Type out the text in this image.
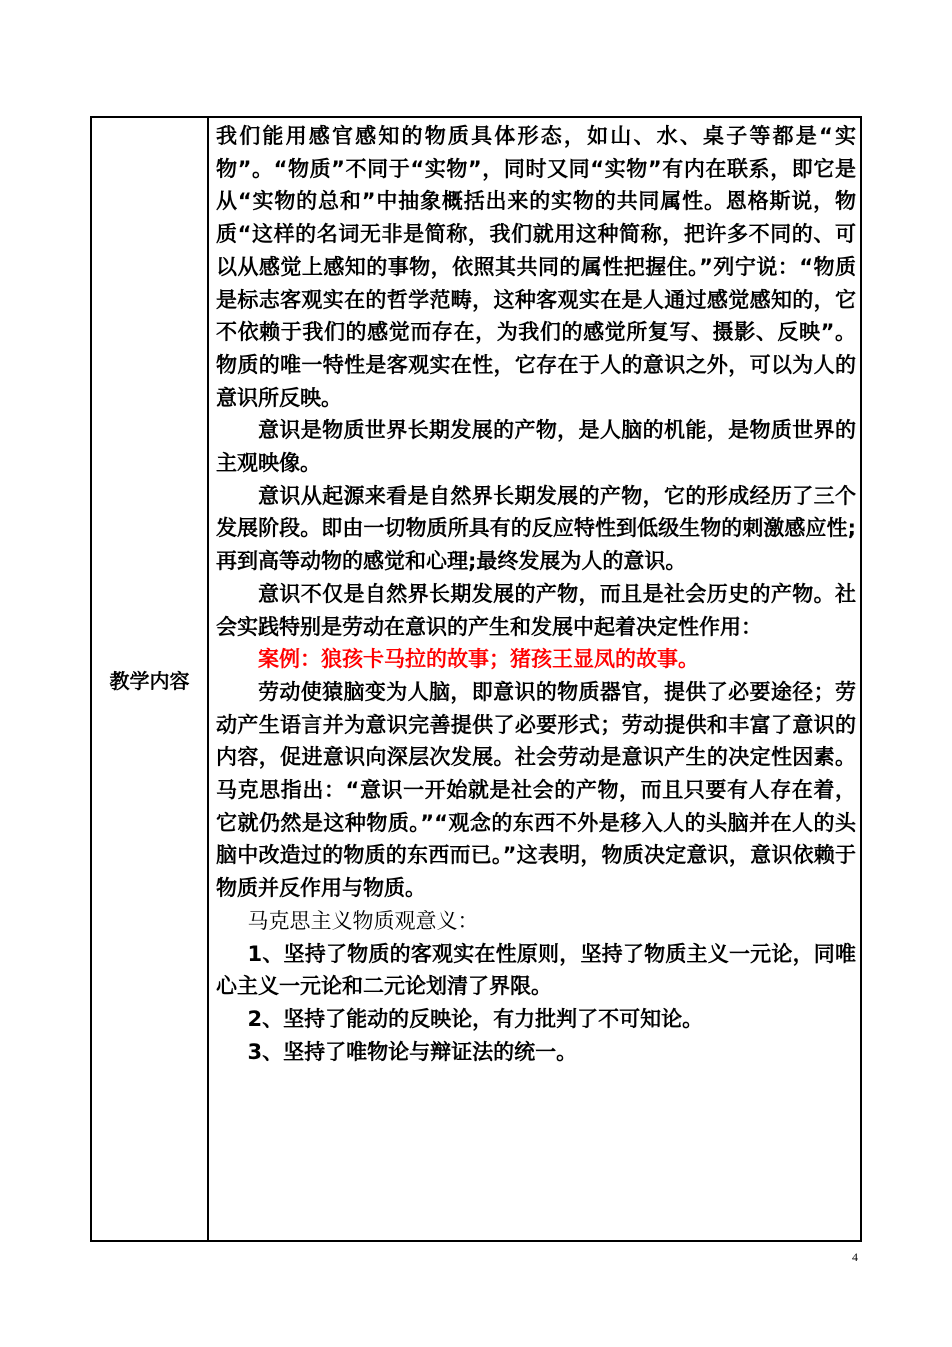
教学内容

我们能用感官感知的物质具体形态，如山、水、桌子等都是“实物”。“物质”不同于“实物”，同时又同“实物”有内在联系，即它是从“实物的总和”中抽象概括出来的实物的共同属性。恩格斯说，物质“这样的名词无非是简称，我们就用这种简称，把许多不同的、可以从感觉上感知的事物，依照其共同的属性把握住。”列宁说：“物质是标志客观实在的哲学范畴，这种客观实在是人通过感觉感知的，它不依赖于我们的感觉而存在，为我们的感觉所复写、摄影、反映”。物质的唯一特性是客观实在性，它存在于人的意识之外，可以为人的意识所反映。

意识是物质世界长期发展的产物，是人脑的机能，是物质世界的主观映像。

意识从起源来看是自然界长期发展的产物，它的形成经历了三个发展阶段。即由一切物质所具有的反应特性到低级生物的刺激感应性;再到高等动物的感觉和心理;最终发展为人的意识。

意识不仅是自然界长期发展的产物，而且是社会历史的产物。社会实践特别是劳动在意识的产生和发展中起着决定性作用：

案例：狼孩卡马拉的故事；猪孩王显凤的故事。

劳动使猿脑变为人脑，即意识的物质器官，提供了必要途径；劳动产生语言并为意识完善提供了必要形式；劳动提供和丰富了意识的内容，促进意识向深层次发展。社会劳动是意识产生的决定性因素。马克思指出：“意识一开始就是社会的产物，而且只要有人存在着，它就仍然是这种物质。”“观念的东西不外是移入人的头脑并在人的头脑中改造过的物质的东西而已。”这表明，物质决定意识，意识依赖于物质并反作用与物质。

马克思主义物质观意义：

1、坚持了物质的客观实在性原则，坚持了物质主义一元论，同唯心主义一元论和二元论划清了界限。

2、坚持了能动的反映论，有力批判了不可知论。

3、坚持了唯物论与辩证法的统一。

4
